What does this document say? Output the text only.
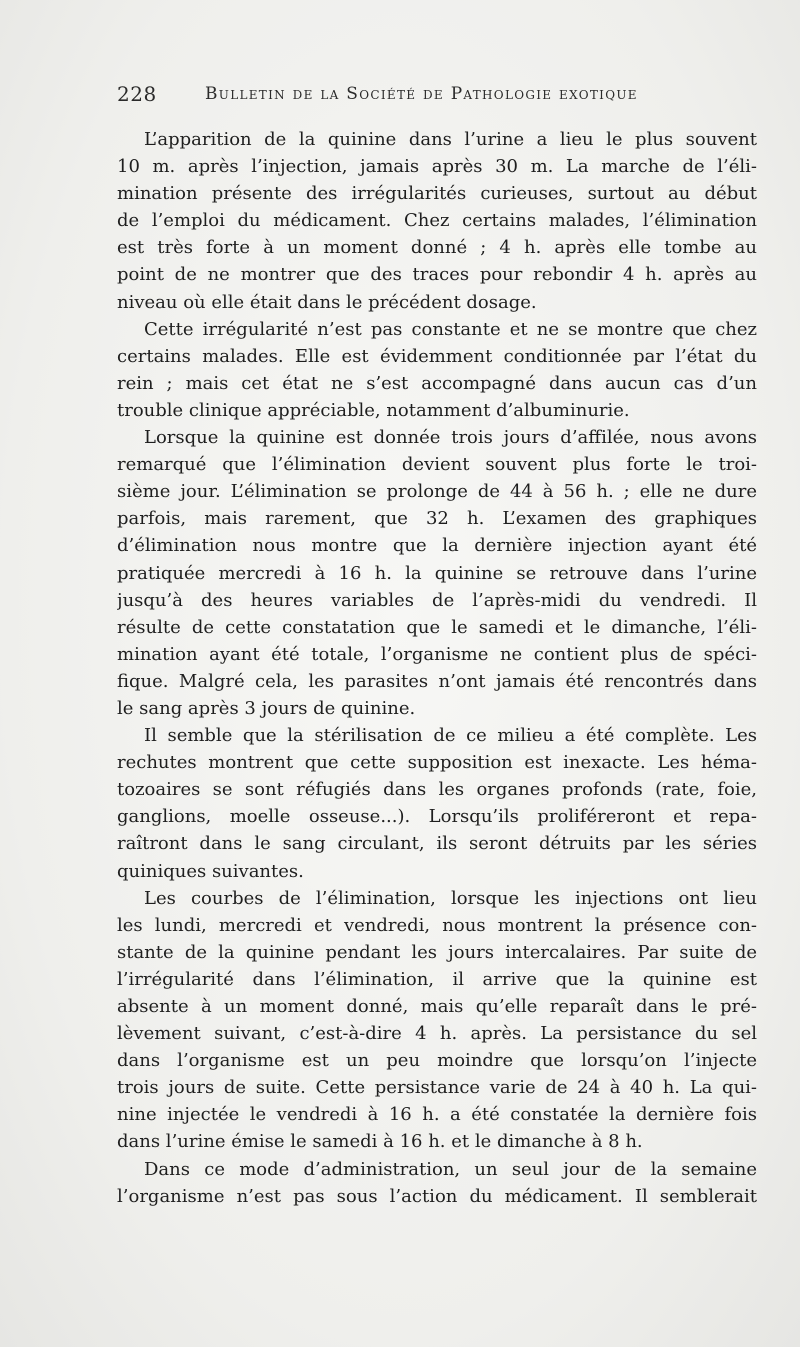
228	Bulletin de la Société de Pathologie exotique
L’apparition de la quinine dans l’urine a lieu le plus souvent
10 m. après l’injection, jamais après 30 m. La marche de l’éli-
mination présente des irrégularités curieuses, surtout au début
de l’emploi du médicament. Chez certains malades, l’élimination
est très forte à un moment donné ; 4 h. après elle tombe au
point de ne montrer que des traces pour rebondir 4 h. après au
niveau où elle était dans le précédent dosage.
Cette irrégularité n’est pas constante et ne se montre que chez
certains malades. Elle est évidemment conditionnée par l’état du
rein ; mais cet état ne s’est accompagné dans aucun cas d’un
trouble clinique appréciable, notamment d’albuminurie.
Lorsque la quinine est donnée trois jours d’affilée, nous avons
remarqué que l’élimination devient souvent plus forte le troi-
sième jour. L’élimination se prolonge de 44 à 56 h. ; elle ne dure
parfois, mais rarement, que 32 h. L’examen des graphiques
d’élimination nous montre que la dernière injection ayant été
pratiquée mercredi à 16 h. la quinine se retrouve dans l’urine
jusqu’à des heures variables de l’après-midi du vendredi. Il
résulte de cette constatation que le samedi et le dimanche, l’éli-
mination ayant été totale, l’organisme ne contient plus de spéci-
fique. Malgré cela, les parasites n’ont jamais été rencontrés dans
le sang après 3 jours de quinine.
Il semble que la stérilisation de ce milieu a été complète. Les
rechutes montrent que cette supposition est inexacte. Les héma-
tozoaires se sont réfugiés dans les organes profonds (rate, foie,
ganglions, moelle osseuse...). Lorsqu’ils proliféreront et repa-
raîtront dans le sang circulant, ils seront détruits par les séries
quiniques suivantes.
Les courbes de l’élimination, lorsque les injections ont lieu
les lundi, mercredi et vendredi, nous montrent la présence con-
stante de la quinine pendant les jours intercalaires. Par suite de
l’irrégularité dans l’élimination, il arrive que la quinine est
absente à un moment donné, mais qu’elle reparaît dans le pré-
lèvement suivant, c’est-à-dire 4 h. après. La persistance du sel
dans l’organisme est un peu moindre que lorsqu’on l’injecte
trois jours de suite. Cette persistance varie de 24 à 40 h. La qui-
nine injectée le vendredi à 16 h. a été constatée la dernière fois
dans l’urine émise le samedi à 16 h. et le dimanche à 8 h.
Dans ce mode d’administration, un seul jour de la semaine
l’organisme n’est pas sous l’action du médicament. Il semblerait
